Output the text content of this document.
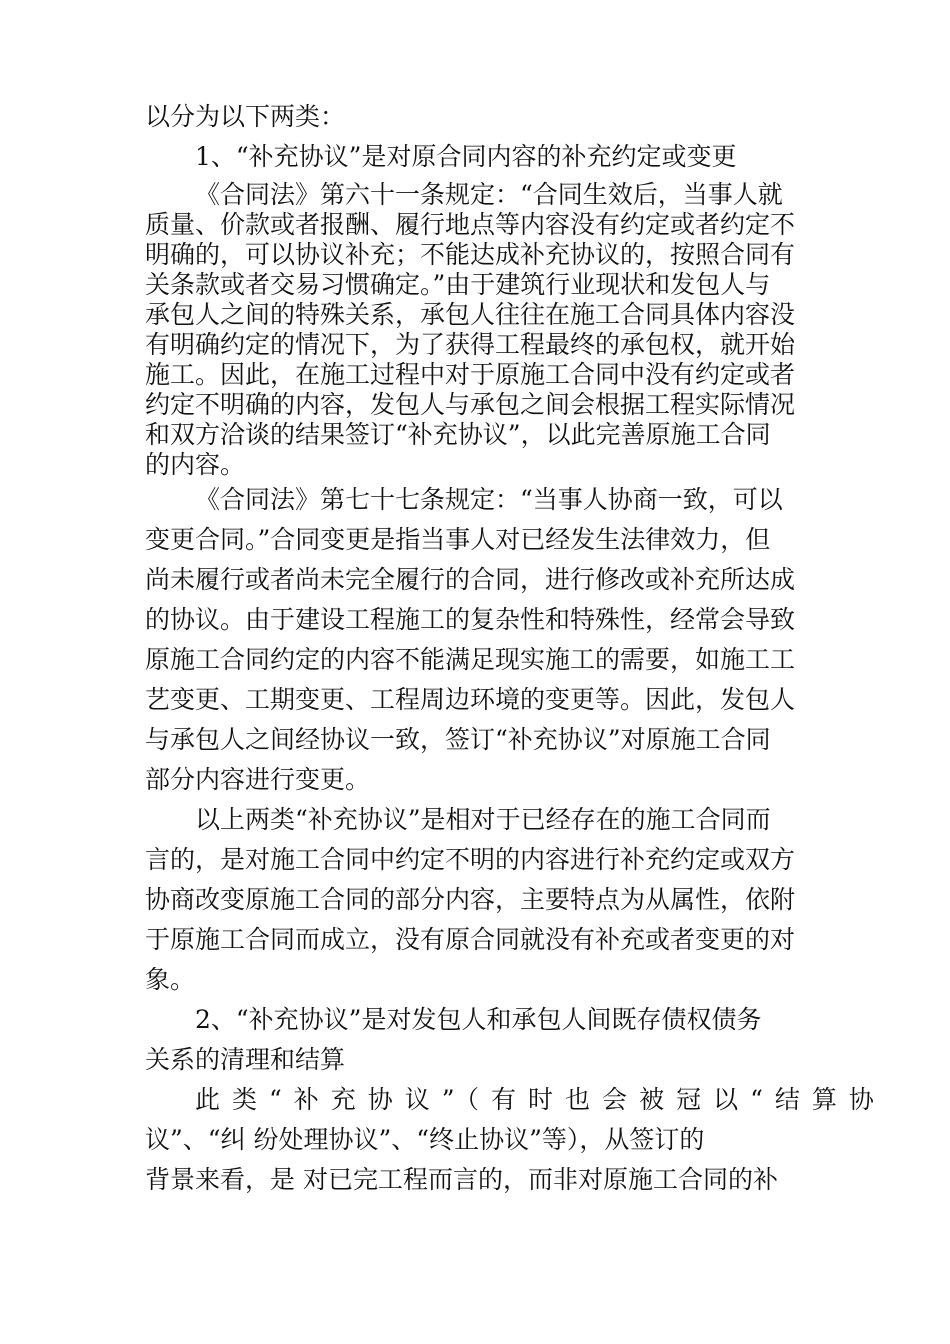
以分为以下两类：
1、“补充协议”是对原合同内容的补充约定或变更
《合同法》第六十一条规定：“合同生效后，当事人就
质量、价款或者报酬、履行地点等内容没有约定或者约定不
明确的，可以协议补充；不能达成补充协议的，按照合同有
关条款或者交易习惯确定。”由于建筑行业现状和发包人与
承包人之间的特殊关系，承包人往往在施工合同具体内容没
有明确约定的情况下，为了获得工程最终的承包权，就开始
施工。因此，在施工过程中对于原施工合同中没有约定或者
约定不明确的内容，发包人与承包之间会根据工程实际情况
和双方洽谈的结果签订“补充协议”，以此完善原施工合同
的内容。
《合同法》第七十七条规定：“当事人协商一致，可以
变更合同。”合同变更是指当事人对已经发生法律效力，但
尚未履行或者尚未完全履行的合同，进行修改或补充所达成
的协议。由于建设工程施工的复杂性和特殊性，经常会导致
原施工合同约定的内容不能满足现实施工的需要，如施工工
艺变更、工期变更、工程周边环境的变更等。因此，发包人
与承包人之间经协议一致，签订“补充协议”对原施工合同
部分内容进行变更。
以上两类“补充协议”是相对于已经存在的施工合同而
言的，是对施工合同中约定不明的内容进行补充约定或双方
协商改变原施工合同的部分内容，主要特点为从属性，依附
于原施工合同而成立，没有原合同就没有补充或者变更的对
象。
2、“补充协议”是对发包人和承包人间既存债权债务
关系的清理和结算
此类“补充协议”（有时也会被冠以“结算协
议”、“纠 纷处理协议”、“终止协议”等），从签订的
背景来看，是 对已完工程而言的，而非对原施工合同的补
